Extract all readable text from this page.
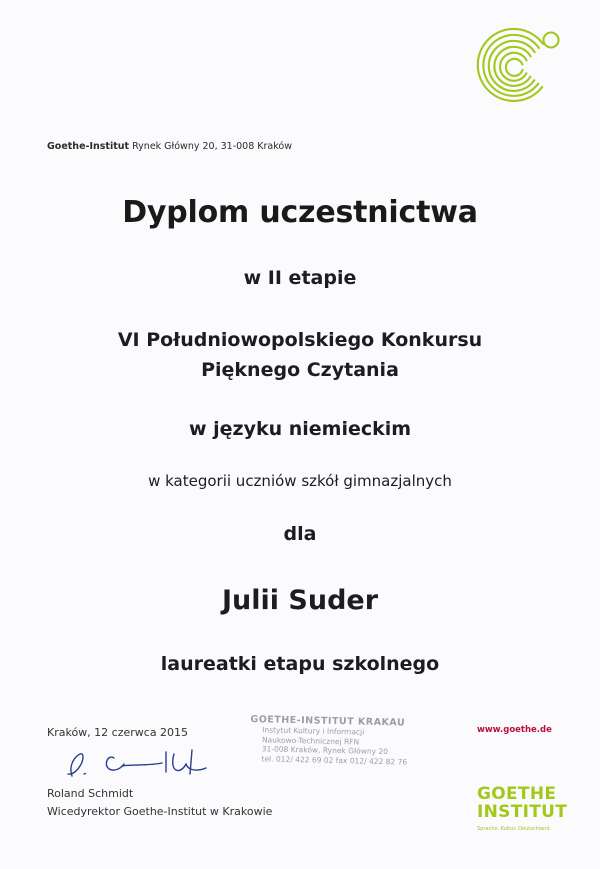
Goethe-Institut Rynek Główny 20, 31-008 Kraków
Dyplom uczestnictwa
w II etapie
VI Południowopolskiego Konkursu
Pięknego Czytania
w języku niemieckim
w kategorii uczniów szkół gimnazjalnych
dla
Julii Suder
laureatki etapu szkolnego
Kraków, 12 czerwca 2015
Roland Schmidt
Wicedyrektor Goethe-Institut w Krakowie
GOETHE-INSTITUT KRAKAU
Instytut Kultury i Informacji
Naukowo-Technicznej RFN
31-008 Kraków, Rynek Główny 20
tel. 012/ 422 69 02 fax 012/ 422 82 76
www.goethe.de
GOETHE
INSTITUT
Sprache. Kultur. Deutschland.
